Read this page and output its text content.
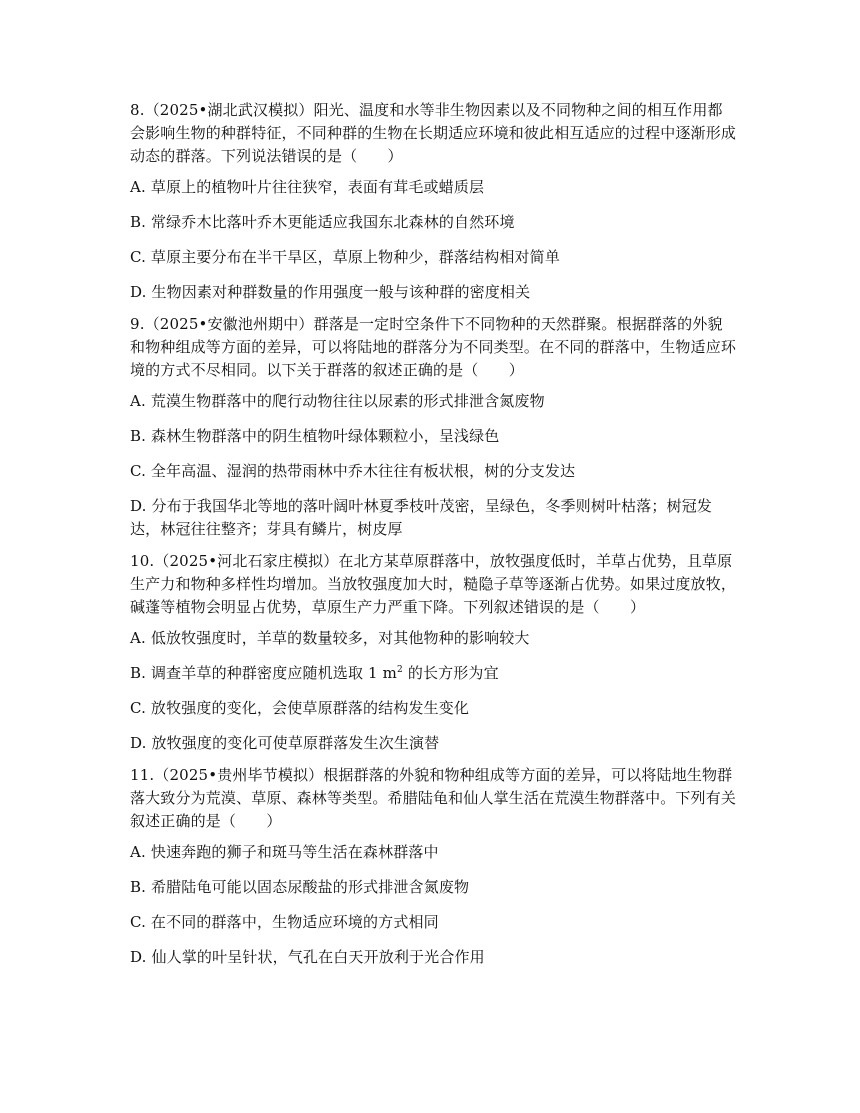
8.（2025•湖北武汉模拟）阳光、温度和水等非生物因素以及不同物种之间的相互作用都会影响生物的种群特征，不同种群的生物在长期适应环境和彼此相互适应的过程中逐渐形成动态的群落。下列说法错误的是（　　）

A. 草原上的植物叶片往往狭窄，表面有茸毛或蜡质层

B. 常绿乔木比落叶乔木更能适应我国东北森林的自然环境

C. 草原主要分布在半干旱区，草原上物种少，群落结构相对简单

D. 生物因素对种群数量的作用强度一般与该种群的密度相关

9.（2025•安徽池州期中）群落是一定时空条件下不同物种的天然群聚。根据群落的外貌和物种组成等方面的差异，可以将陆地的群落分为不同类型。在不同的群落中，生物适应环境的方式不尽相同。以下关于群落的叙述正确的是（　　）

A. 荒漠生物群落中的爬行动物往往以尿素的形式排泄含氮废物

B. 森林生物群落中的阴生植物叶绿体颗粒小，呈浅绿色

C. 全年高温、湿润的热带雨林中乔木往往有板状根，树的分支发达

D. 分布于我国华北等地的落叶阔叶林夏季枝叶茂密，呈绿色，冬季则树叶枯落；树冠发达，林冠往往整齐；芽具有鳞片，树皮厚

10.（2025•河北石家庄模拟）在北方某草原群落中，放牧强度低时，羊草占优势，且草原生产力和物种多样性均增加。当放牧强度加大时，糙隐子草等逐渐占优势。如果过度放牧，碱蓬等植物会明显占优势，草原生产力严重下降。下列叙述错误的是（　　）

A. 低放牧强度时，羊草的数量较多，对其他物种的影响较大

B. 调查羊草的种群密度应随机选取 1 $m^2$ 的长方形为宜

C. 放牧强度的变化，会使草原群落的结构发生变化

D. 放牧强度的变化可使草原群落发生次生演替

11.（2025•贵州毕节模拟）根据群落的外貌和物种组成等方面的差异，可以将陆地生物群落大致分为荒漠、草原、森林等类型。希腊陆龟和仙人掌生活在荒漠生物群落中。下列有关叙述正确的是（　　）

A. 快速奔跑的狮子和斑马等生活在森林群落中

B. 希腊陆龟可能以固态尿酸盐的形式排泄含氮废物

C. 在不同的群落中，生物适应环境的方式相同

D. 仙人掌的叶呈针状，气孔在白天开放利于光合作用
